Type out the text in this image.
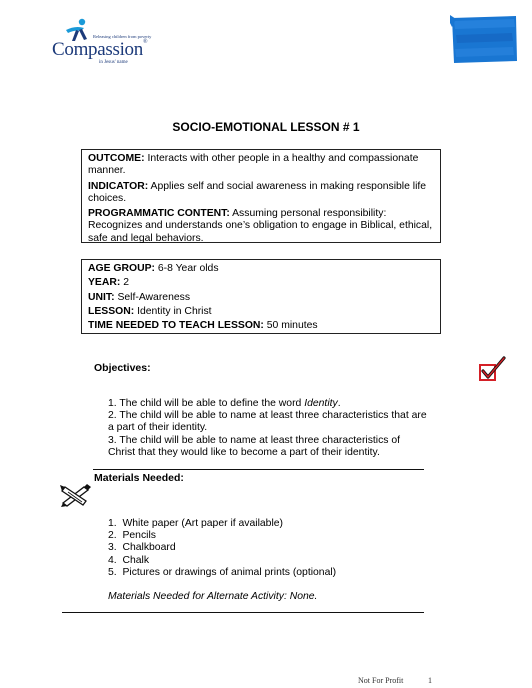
Releasing children from poverty
Compassion®
in Jesus' name
SOCIO-EMOTIONAL LESSON # 1

OUTCOME: Interacts with other people in a healthy and compassionate manner.

INDICATOR: Applies self and social awareness in making responsible life choices.

PROGRAMMATIC CONTENT: Assuming personal responsibility: Recognizes and understands one’s obligation to engage in Biblical, ethical, safe and legal behaviors.

AGE GROUP: 6-8 Year olds

YEAR: 2

UNIT: Self-Awareness

LESSON: Identity in Christ

TIME NEEDED TO TEACH LESSON: 50 minutes

Objectives:
1. The child will be able to define the word Identity.
2. The child will be able to name at least three characteristics that are a part of their identity.
3. The child will be able to name at least three characteristics of Christ that they would like to become a part of their identity.
Materials Needed:
1. White paper (Art paper if available)
2. Pencils
3. Chalkboard
4. Chalk
5. Pictures or drawings of animal prints (optional)
Materials Needed for Alternate Activity: None.
Not For Profit	1
